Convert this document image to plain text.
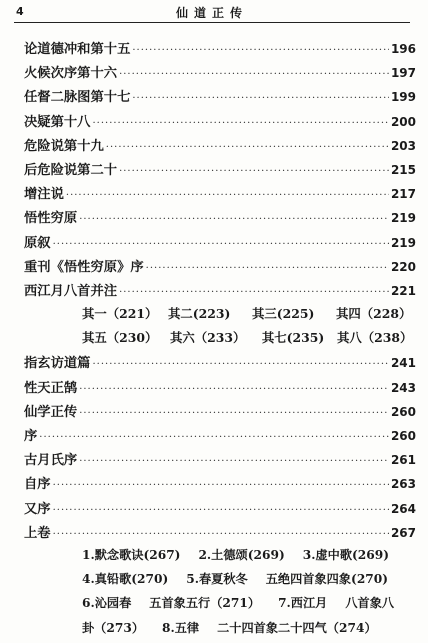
4	仙道正传
论道德冲和第十五 ·····	196
火候次序第十六 ·····	197
任督二脉图第十七 ·····	199
决疑第十八 ·····	200
危险说第十九 ·····	203
后危险说第二十 ·····	215
增注说 ·····	217
悟性穷原 ·····	219
原叙 ·····	219
重刊《悟性穷原》序 ·····	220
西江月八首并注 ·····	221
其一（221） 其二(223)	其三(225)	其四（228）
其五（230）	其六（233）	其七(235)	其八（238）
指玄访道篇 ·····	241
性天正鹄 ·····	243
仙学正传 ·····	260
序 ·····	260
古月氏序 ·····	261
自序 ·····	263
又序 ·····	264
上卷 ·····	267
1.默念歌诀(267) 2.土德颂(269) 3.虚中歌(269)
4.真铅歌(270) 5.春夏秋冬 五绝四首象四象(270)
6.沁园春 五首象五行（271） 7.西江月 八首象八
卦（273） 8.五律 二十四首象二十四气（274）
